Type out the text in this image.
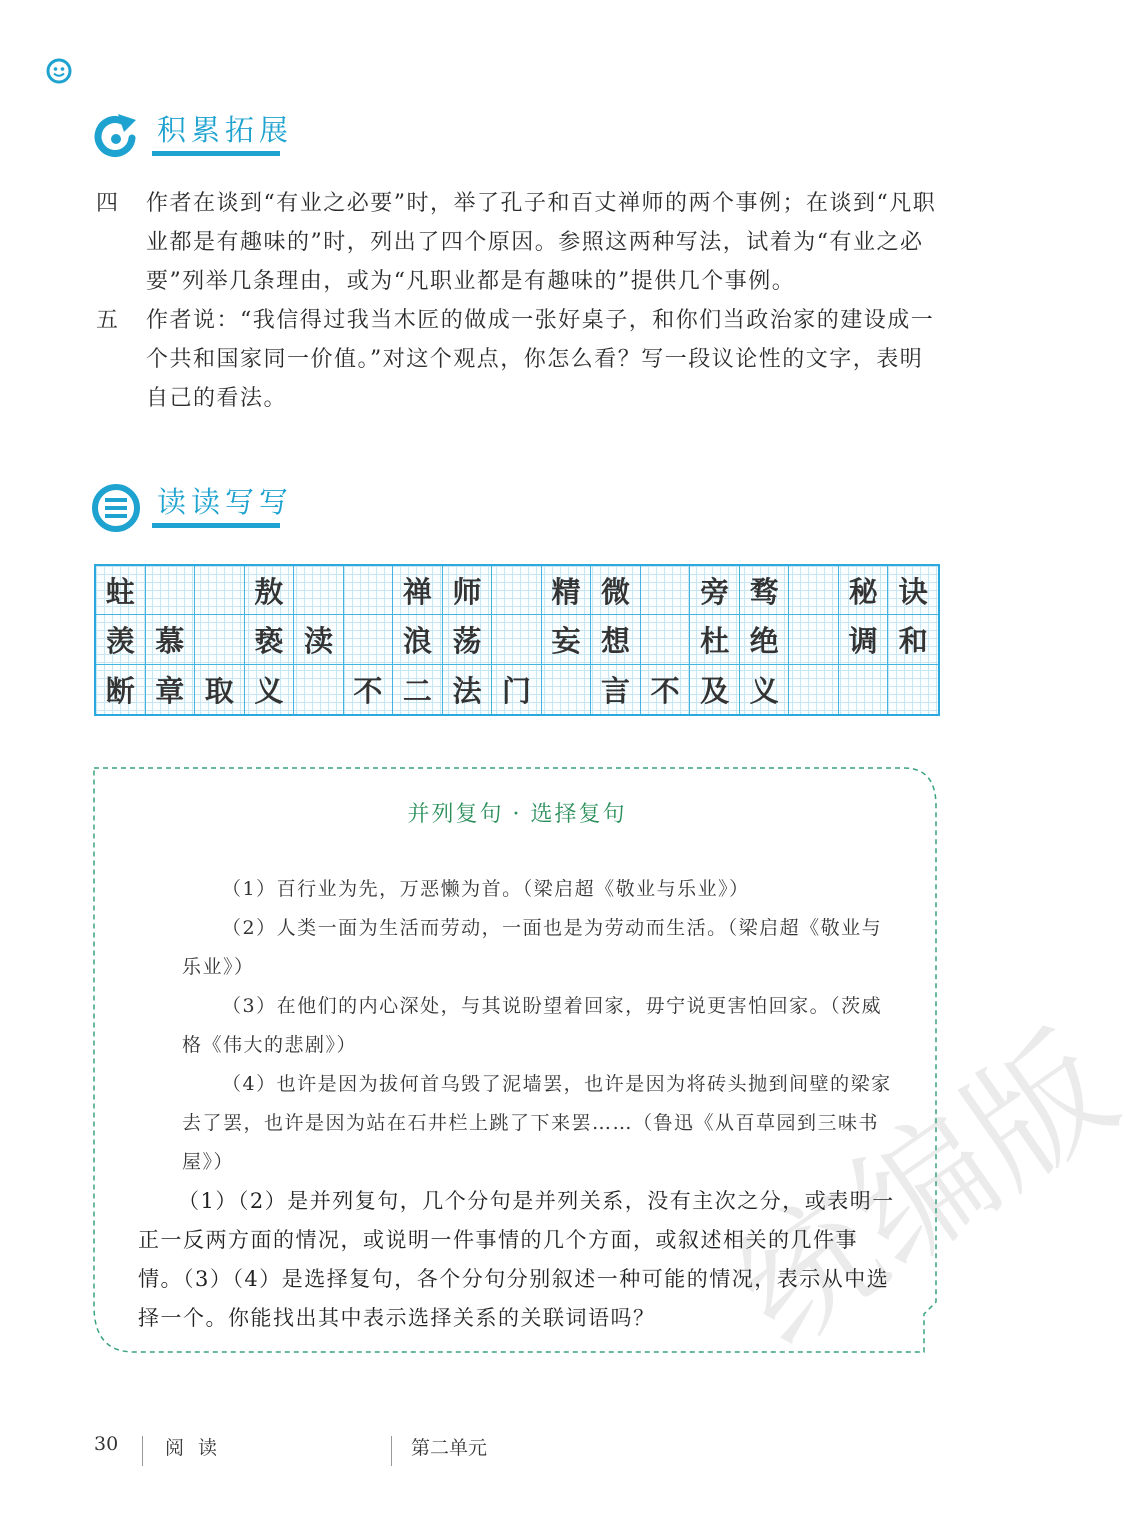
统编版
积累拓展
四	作者在谈到“有业之必要”时，举了孔子和百丈禅师的两个事例；在谈到“凡职业都是有趣味的”时，列出了四个原因。参照这两种写法，试着为“有业之必要”列举几条理由，或为“凡职业都是有趣味的”提供几个事例。
五	作者说：“我信得过我当木匠的做成一张好桌子，和你们当政治家的建设成一个共和国家同一价值。”对这个观点，你怎么看？写一段议论性的文字，表明自己的看法。
读读写写
蛀	敖	禅 师	精 微	旁 骛	秘 诀
羡 慕	亵 渎	浪 荡	妄 想	杜 绝	调 和
断 章 取 义	不 二 法 门	言 不 及 义
并列复句 · 选择复句
（1）百行业为先，万恶懒为首。（梁启超《敬业与乐业》）
（2）人类一面为生活而劳动，一面也是为劳动而生活。（梁启超《敬业与乐业》）
（3）在他们的内心深处，与其说盼望着回家，毋宁说更害怕回家。（茨威格《伟大的悲剧》）
（4）也许是因为拔何首乌毁了泥墙罢，也许是因为将砖头抛到间壁的梁家去了罢，也许是因为站在石井栏上跳了下来罢……（鲁迅《从百草园到三味书屋》）
（1）（2）是并列复句，几个分句是并列关系，没有主次之分，或表明一正一反两方面的情况，或说明一件事情的几个方面，或叙述相关的几件事情。（3）（4）是选择复句，各个分句分别叙述一种可能的情况，表示从中选择一个。你能找出其中表示选择关系的关联词语吗？
30 阅 读	第二单元
